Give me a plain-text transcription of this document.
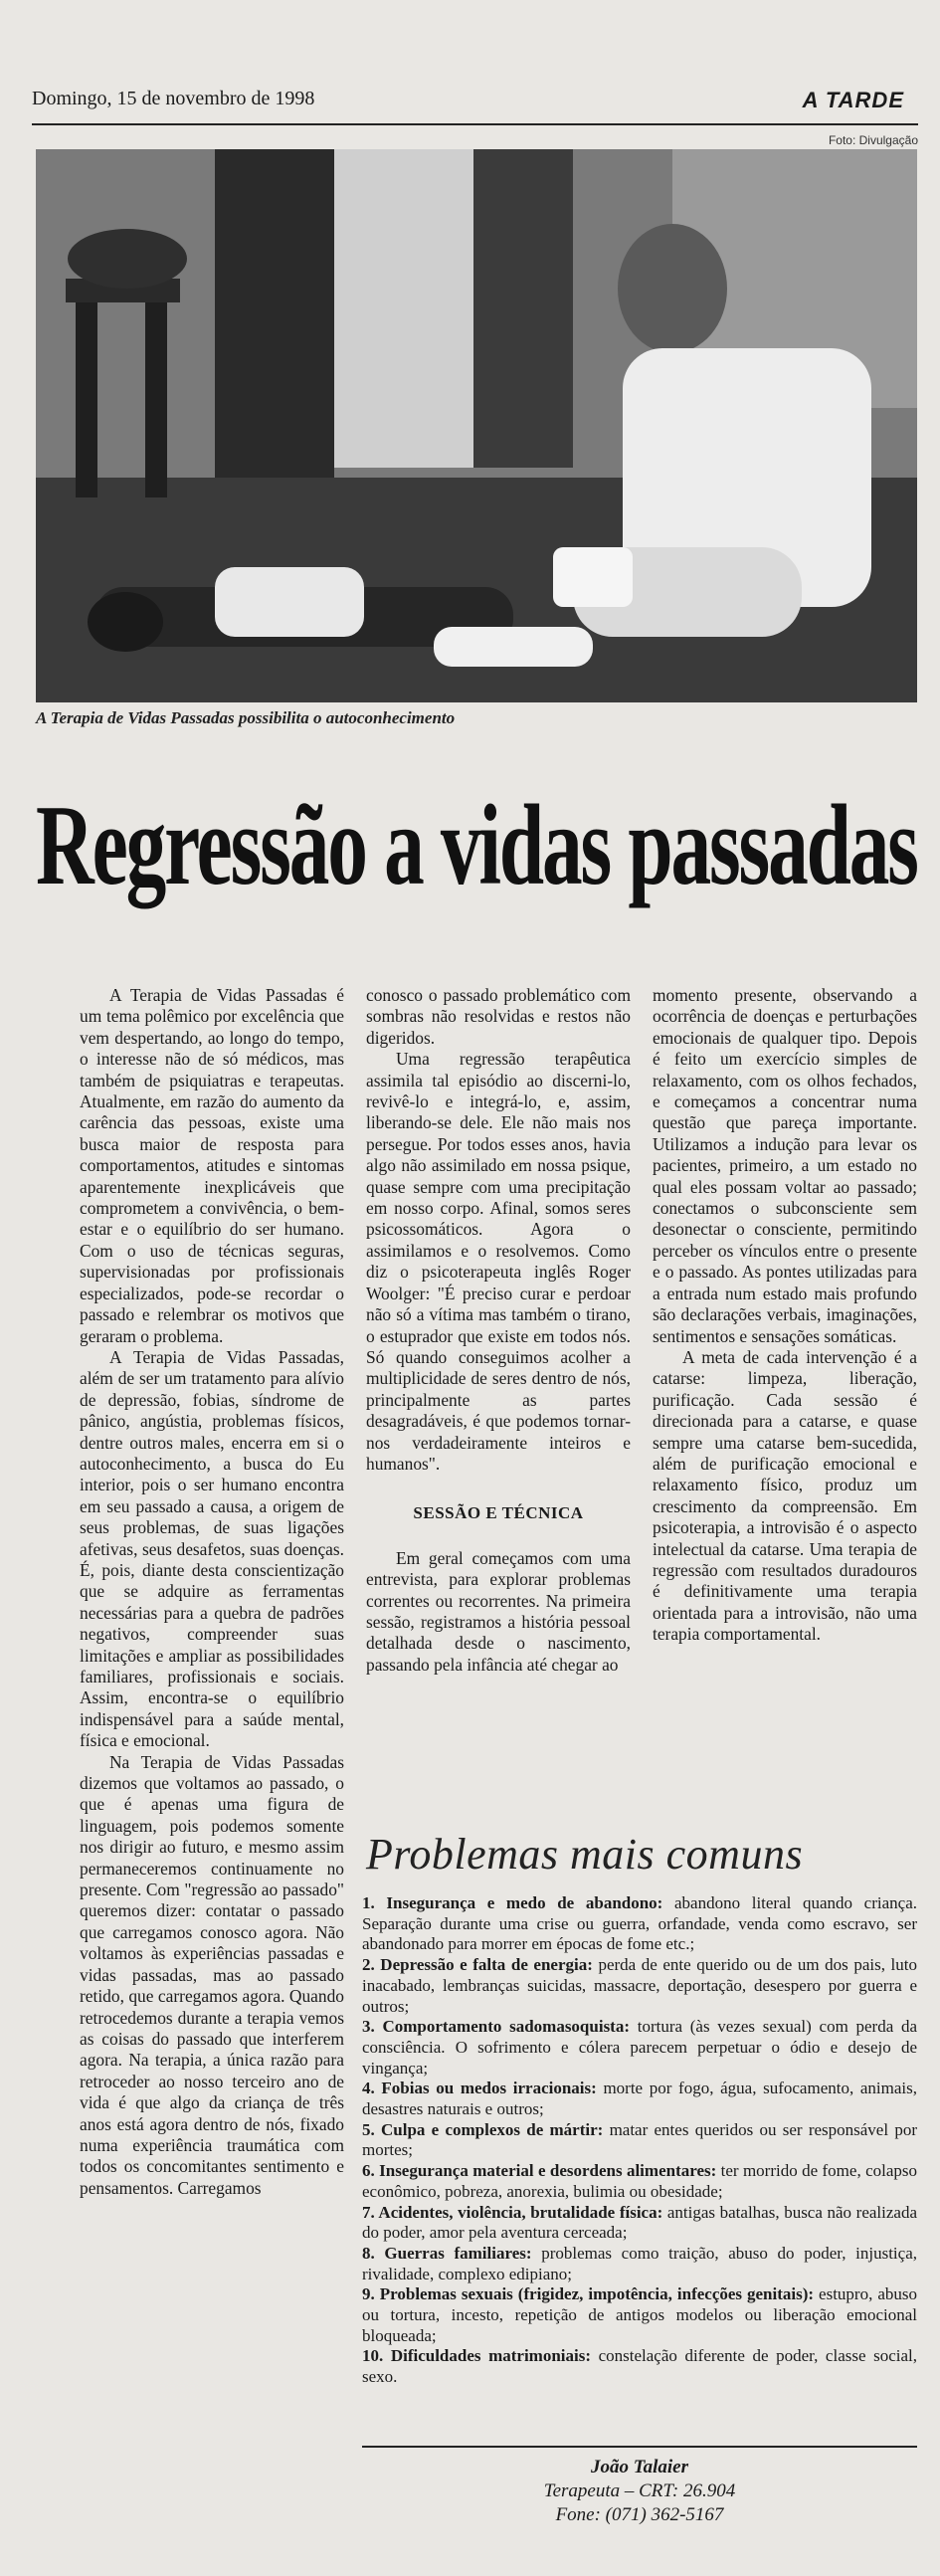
Domingo, 15 de novembro de 1998	A TARDE
Foto: Divulgação
A Terapia de Vidas Passadas possibilita o autoconhecimento
Regressão a vidas passadas

A Terapia de Vidas Passadas é um tema polêmico por excelência que vem despertando, ao longo do tempo, o interesse não de só médicos, mas também de psiquiatras e terapeutas. Atualmente, em razão do aumento da carência das pessoas, existe uma busca maior de resposta para comportamentos, atitudes e sintomas aparentemente inexplicáveis que comprometem a convivência, o bem-estar e o equilíbrio do ser humano. Com o uso de técnicas seguras, supervisionadas por profissionais especializados, pode-se recordar o passado e relembrar os motivos que geraram o problema.

A Terapia de Vidas Passadas, além de ser um tratamento para alívio de depressão, fobias, síndrome de pânico, angústia, problemas físicos, dentre outros males, encerra em si o autoconhecimento, a busca do Eu interior, pois o ser humano encontra em seu passado a causa, a origem de seus problemas, de suas ligações afetivas, seus desafetos, suas doenças. É, pois, diante desta conscientização que se adquire as ferramentas necessárias para a quebra de padrões negativos, compreender suas limitações e ampliar as possibilidades familiares, profissionais e sociais. Assim, encontra-se o equilíbrio indispensável para a saúde mental, física e emocional.

Na Terapia de Vidas Passadas dizemos que voltamos ao passado, o que é apenas uma figura de linguagem, pois podemos somente nos dirigir ao futuro, e mesmo assim permaneceremos continuamente no presente. Com "regressão ao passado" queremos dizer: contatar o passado que carregamos conosco agora. Não voltamos às experiências passadas e vidas passadas, mas ao passado retido, que carregamos agora. Quando retrocedemos durante a terapia vemos as coisas do passado que interferem agora. Na terapia, a única razão para retroceder ao nosso terceiro ano de vida é que algo da criança de três anos está agora dentro de nós, fixado numa experiência traumática com todos os concomitantes sentimento e pensamentos. Carregamos

conosco o passado problemático com sombras não resolvidas e restos não digeridos.

Uma regressão terapêutica assimila tal episódio ao discerni-lo, revivê-lo e integrá-lo, e, assim, liberando-se dele. Ele não mais nos persegue. Por todos esses anos, havia algo não assimilado em nossa psique, quase sempre com uma precipitação em nosso corpo. Afinal, somos seres psicossomáticos. Agora o assimilamos e o resolvemos. Como diz o psicoterapeuta inglês Roger Woolger: "É preciso curar e perdoar não só a vítima mas também o tirano, o estuprador que existe em todos nós. Só quando conseguimos acolher a multiplicidade de seres dentro de nós, principalmente as partes desagradáveis, é que podemos tornar-nos verdadeiramente inteiros e humanos".

SESSÃO E TÉCNICA

Em geral começamos com uma entrevista, para explorar problemas correntes ou recorrentes. Na primeira sessão, registramos a história pessoal detalhada desde o nascimento, passando pela infância até chegar ao

momento presente, observando a ocorrência de doenças e perturbações emocionais de qualquer tipo. Depois é feito um exercício simples de relaxamento, com os olhos fechados, e começamos a concentrar numa questão que pareça importante. Utilizamos a indução para levar os pacientes, primeiro, a um estado no qual eles possam voltar ao passado; conectamos o subconsciente sem desonectar o consciente, permitindo perceber os vínculos entre o presente e o passado. As pontes utilizadas para a entrada num estado mais profundo são declarações verbais, imaginações, sentimentos e sensações somáticas.

A meta de cada intervenção é a catarse: limpeza, liberação, purificação. Cada sessão é direcionada para a catarse, e quase sempre uma catarse bem-sucedida, além de purificação emocional e relaxamento físico, produz um crescimento da compreensão. Em psicoterapia, a introvisão é o aspecto intelectual da catarse. Uma terapia de regressão com resultados duradouros é definitivamente uma terapia orientada para a introvisão, não uma terapia comportamental.

Problemas mais comuns
1. Insegurança e medo de abandono: abandono literal quando criança. Separação durante uma crise ou guerra, orfandade, venda como escravo, ser abandonado para morrer em épocas de fome etc.;
2. Depressão e falta de energia: perda de ente querido ou de um dos pais, luto inacabado, lembranças suicidas, massacre, deportação, desespero por guerra e outros;
3. Comportamento sadomasoquista: tortura (às vezes sexual) com perda da consciência. O sofrimento e cólera parecem perpetuar o ódio e desejo de vingança;
4. Fobias ou medos irracionais: morte por fogo, água, sufocamento, animais, desastres naturais e outros;
5. Culpa e complexos de mártir: matar entes queridos ou ser responsável por mortes;
6. Insegurança material e desordens alimentares: ter morrido de fome, colapso econômico, pobreza, anorexia, bulimia ou obesidade;
7. Acidentes, violência, brutalidade física: antigas batalhas, busca não realizada do poder, amor pela aventura cerceada;
8. Guerras familiares: problemas como traição, abuso do poder, injustiça, rivalidade, complexo edipiano;
9. Problemas sexuais (frigidez, impotência, infecções genitais): estupro, abuso ou tortura, incesto, repetição de antigos modelos ou liberação emocional bloqueada;
10. Dificuldades matrimoniais: constelação diferente de poder, classe social, sexo.
João Talaier
Terapeuta – CRT: 26.904
Fone: (071) 362-5167
